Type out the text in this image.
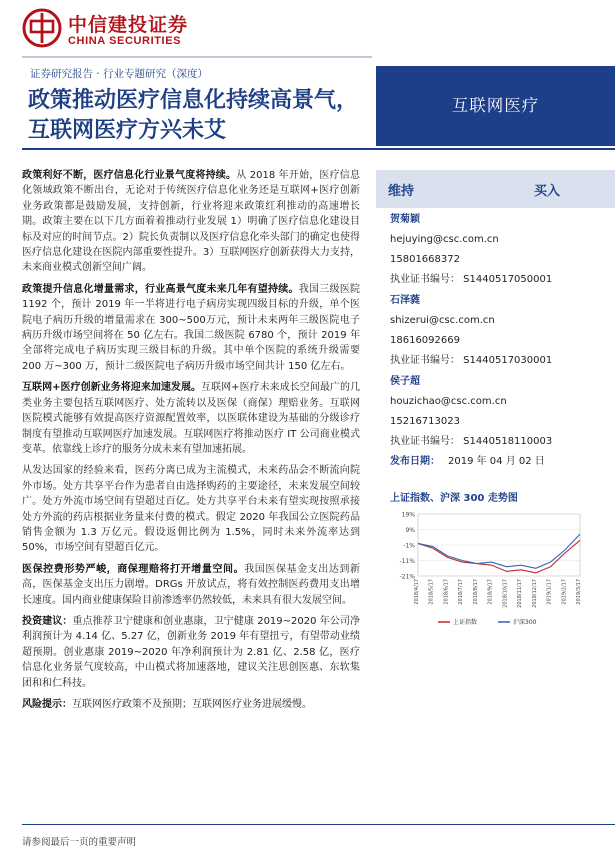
中信建投证券
CHINA SECURITIES
证券研究报告 · 行业专题研究（深度）
政策推动医疗信息化持续高景气，互联网医疗方兴未艾
互联网医疗

政策利好不断，医疗信息化行业景气度将持续。从 2018 年开始，医疗信息化领域政策不断出台，无论对于传统医疗信息化业务还是互联网+医疗创新业务政策都是鼓励发展，支持创新，行业将迎来政策红利推动的高速增长期。政策主要在以下几方面着着推动行业发展 1）明确了医疗信息化建设目标及对应的时间节点。2）院长负责制以及医疗信息化牵头部门的确定也使得医疗信息化建设在医院内部重要性提升。3）互联网医疗创新获得大力支持，未来商业模式创新空间广阔。

政策提升信息化增量需求，行业高景气度未来几年有望持续。我国三级医院 1192 个，预计 2019 年一半将进行电子病房实现四级目标的升级，单个医院电子病历升级的增量需求在 300~500万元，预计未来两年三级医院电子病历升级市场空间将在 50 亿左右。我国二级医院 6780 个，预计 2019 年全部将完成电子病历实现三级目标的升级。其中单个医院的系统升级需要 200 万~300 万，预计二级医院电子病历升级市场空间共计 150 亿左右。

互联网+医疗创新业务将迎来加速发展。互联网+医疗未来成长空间最广的几类业务主要包括互联网医疗、处方流转以及医保（商保）理赔业务。互联网医院模式能够有效提高医疗资源配置效率，以医联体建设为基础的分级诊疗制度有望推动互联网医疗加速发展。互联网医疗将推动医疗 IT 公司商业模式变革。依靠线上诊疗的服务分成未来有望加速拓展。

从发达国家的经验来看，医药分离已成为主流模式，未来药品会不断流向院外市场。处方共享平台作为患者自由选择购药的主要途径，未来发展空间较广。处方外流市场空间有望超过百亿。处方共享平台未来有望实现按照承接处方外流的药店根据业务量来付费的模式。假定 2020 年我国公立医院药品销售金额为 1.3 万亿元。假设返佣比例为 1.5%，同时未来外流率达到 50%，市场空间有望超百亿元。

医保控费形势严峻，商保理赔将打开增量空间。我国医保基金支出达到新高，医保基金支出压力剧增。DRGs 开放试点，将有效控制医药费用支出增长速度。国内商业健康保险目前渗透率仍然较低，未来具有很大发展空间。

投资建议：重点推荐卫宁健康和创业惠康，卫宁健康 2019~2020 年公司净利润预计为 4.14 亿、5.27 亿，创新业务 2019 年有望扭亏，有望带动业绩超预期。创业惠康 2019~2020 年净利润预计为 2.81 亿、2.58 亿，医疗信息化业务景气度较高，中山模式将加速落地，建议关注思创医惠、东软集团和和仁科技。

风险提示：互联网医疗政策不及预期；互联网医疗业务进展缓慢。

维持	买入
贺菊颖
hejuying@csc.com.cn
15801668372
执业证书编号： S1440517050001
石泽蕤
shizerui@csc.com.cn
18616092669
执业证书编号： S1440517030001
侯子超
houzichao@csc.com.cn
15216713023
执业证书编号： S1440518110003
发布日期： 2019 年 04 月 02 日
上证指数、沪深 300 走势图
19%
9%
-1%
-11%
-21%
2018/4/17 2018/5/17 2018/6/17 2018/7/17 2018/8/17 2018/9/17 2018/10/17 2018/11/17 2018/12/17 2019/1/17 2019/2/17 2019/3/17
上证指数	沪深300
请参阅最后一页的重要声明
